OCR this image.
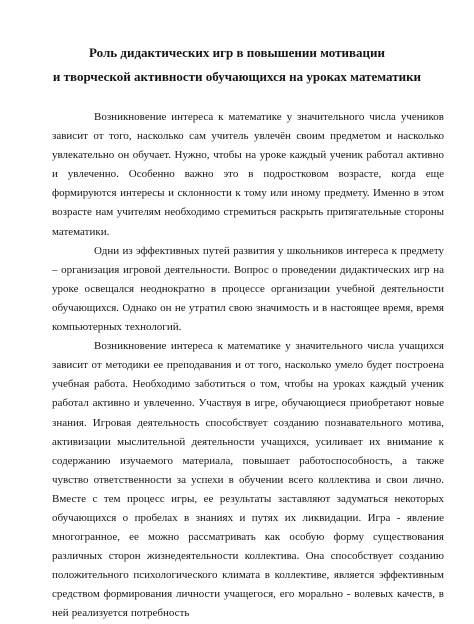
Роль дидактических игр в повышении мотивации
и творческой активности обучающихся на уроках математики

Возникновение интереса к математике у значительного числа учеников зависит от того, насколько сам учитель увлечён своим предметом и насколько увлекательно он обучает. Нужно, чтобы на уроке каждый ученик работал активно и увлеченно. Особенно важно это в подростковом возрасте, когда еще формируются интересы и склонности к тому или иному предмету. Именно в этом возрасте нам учителям необходимо стремиться раскрыть притягательные стороны математики.

Одни из эффективных путей развития у школьников интереса к предмету – организация игровой деятельности. Вопрос о проведении дидактических игр на уроке освещался неоднократно в процессе организации учебной деятельности обучающихся. Однако он не утратил свою значимость и в настоящее время, время компьютерных технологий.

Возникновение интереса к математике у значительного числа учащихся зависит от методики ее преподавания и от того, насколько умело будет построена учебная работа. Необходимо заботиться о том, чтобы на уроках каждый ученик работал активно и увлеченно. Участвуя в игре, обучающиеся приобретают новые знания. Игровая деятельность способствует созданию познавательного мотива, активизации мыслительной деятельности учащихся, усиливает их внимание к содержанию изучаемого материала, повышает работоспособность, а также чувство ответственности за успехи в обучении всего коллектива и свои лично. Вместе с тем процесс игры, ее результаты заставляют задуматься некоторых обучающихся о пробелах в знаниях и путях их ликвидации. Игра - явление многогранное, ее можно рассматривать как особую форму существования различных сторон жизнедеятельности коллектива. Она способствует созданию положительного психологического климата в коллективе, является эффективным средством формирования личности учащегося, его морально - волевых качеств, в ней реализуется потребность
